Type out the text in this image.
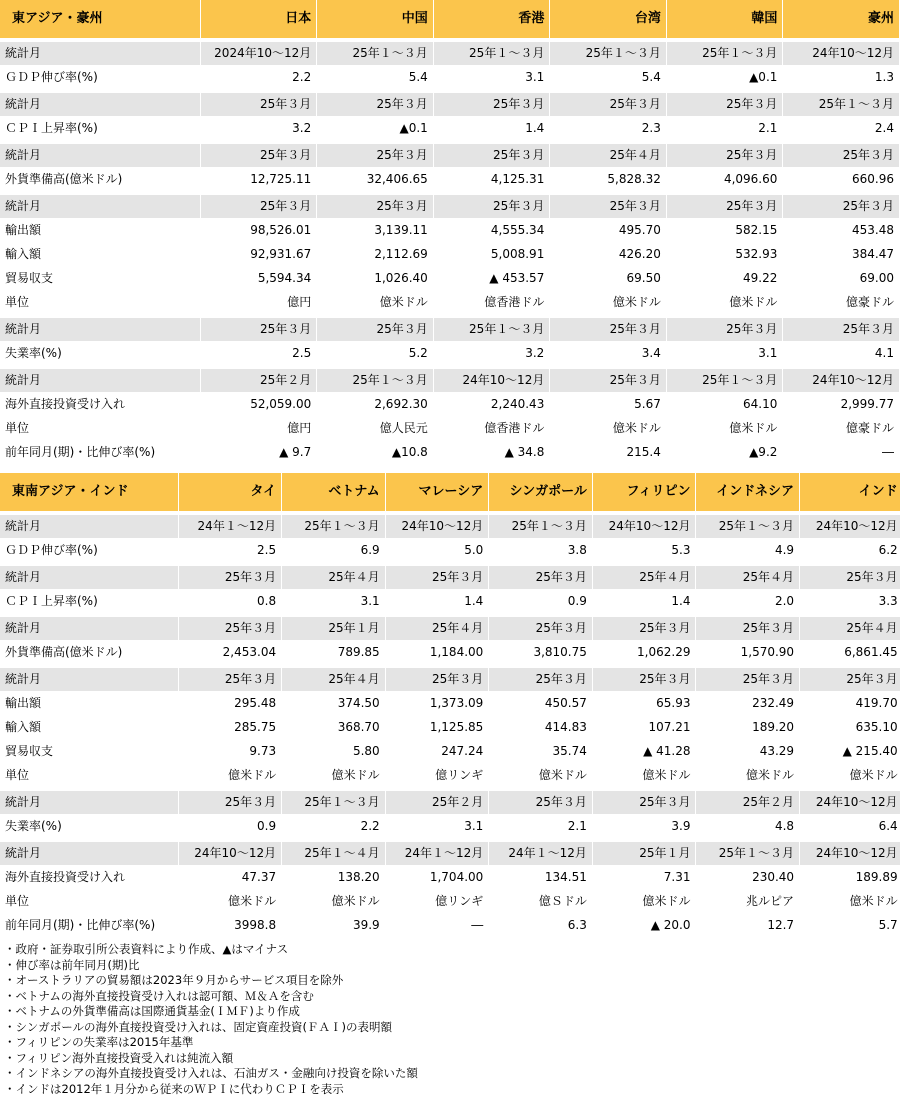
東アジア・豪州	日本	中国	香港	台湾	韓国	豪州

統計月	2024年10～12月	25年１～３月	25年１～３月	25年１～３月	25年１～３月	24年10～12月
ＧＤＰ伸び率(%)	2.2	5.4	3.1	5.4	▲0.1	1.3

統計月	25年３月	25年３月	25年３月	25年３月	25年３月	25年１～３月
ＣＰＩ上昇率(%)	3.2	▲0.1	1.4	2.3	2.1	2.4

統計月	25年３月	25年３月	25年３月	25年４月	25年３月	25年３月
外貨準備高(億米ドル)	12,725.11	32,406.65	4,125.31	5,828.32	4,096.60	660.96

統計月	25年３月	25年３月	25年３月	25年３月	25年３月	25年３月
輸出額	98,526.01	3,139.11	4,555.34	495.70	582.15	453.48
輸入額	92,931.67	2,112.69	5,008.91	426.20	532.93	384.47
貿易収支	5,594.34	1,026.40	▲ 453.57	69.50	49.22	69.00
単位	億円	億米ドル	億香港ドル	億米ドル	億米ドル	億豪ドル

統計月	25年３月	25年３月	25年１～３月	25年３月	25年３月	25年３月
失業率(%)	2.5	5.2	3.2	3.4	3.1	4.1

統計月	25年２月	25年１～３月	24年10～12月	25年３月	25年１～３月	24年10～12月
海外直接投資受け入れ	52,059.00	2,692.30	2,240.43	5.67	64.10	2,999.77
単位	億円	億人民元	億香港ドル	億米ドル	億米ドル	億豪ドル
前年同月(期)・比伸び率(%)	▲ 9.7	▲10.8	▲ 34.8	215.4	▲9.2	―

東南アジア・インド	タイ	ベトナム	マレーシア	シンガポール	フィリピン	インドネシア	インド

統計月	24年１～12月	25年１～３月	24年10～12月	25年１～３月	24年10～12月	25年１～３月	24年10～12月
ＧＤＰ伸び率(%)	2.5	6.9	5.0	3.8	5.3	4.9	6.2

統計月	25年３月	25年４月	25年３月	25年３月	25年４月	25年４月	25年３月
ＣＰＩ上昇率(%)	0.8	3.1	1.4	0.9	1.4	2.0	3.3

統計月	25年３月	25年１月	25年４月	25年３月	25年３月	25年３月	25年４月
外貨準備高(億米ドル)	2,453.04	789.85	1,184.00	3,810.75	1,062.29	1,570.90	6,861.45

統計月	25年３月	25年４月	25年３月	25年３月	25年３月	25年３月	25年３月
輸出額	295.48	374.50	1,373.09	450.57	65.93	232.49	419.70
輸入額	285.75	368.70	1,125.85	414.83	107.21	189.20	635.10
貿易収支	9.73	5.80	247.24	35.74	▲ 41.28	43.29	▲ 215.40
単位	億米ドル	億米ドル	億リンギ	億米ドル	億米ドル	億米ドル	億米ドル

統計月	25年３月	25年１～３月	25年２月	25年３月	25年３月	25年２月	24年10～12月
失業率(%)	0.9	2.2	3.1	2.1	3.9	4.8	6.4

統計月	24年10～12月	25年１～４月	24年１～12月	24年１～12月	25年１月	25年１～３月	24年10～12月
海外直接投資受け入れ	47.37	138.20	1,704.00	134.51	7.31	230.40	189.89
単位	億米ドル	億米ドル	億リンギ	億Ｓドル	億米ドル	兆ルピア	億米ドル
前年同月(期)・比伸び率(%)	3998.8	39.9	―	6.3	▲ 20.0	12.7	5.7

・政府・証券取引所公表資料により作成、▲はマイナス
・伸び率は前年同月(期)比
・オーストラリアの貿易額は2023年９月からサービス項目を除外
・ベトナムの海外直接投資受け入れは認可額、Ｍ＆Ａを含む
・ベトナムの外貨準備高は国際通貨基金(ＩＭＦ)より作成
・シンガポールの海外直接投資受け入れは、固定資産投資(ＦＡＩ)の表明額
・フィリピンの失業率は2015年基準
・フィリピン海外直接投資受入れは純流入額
・インドネシアの海外直接投資受け入れは、石油ガス・金融向け投資を除いた額
・インドは2012年１月分から従来のＷＰＩに代わりＣＰＩを表示
